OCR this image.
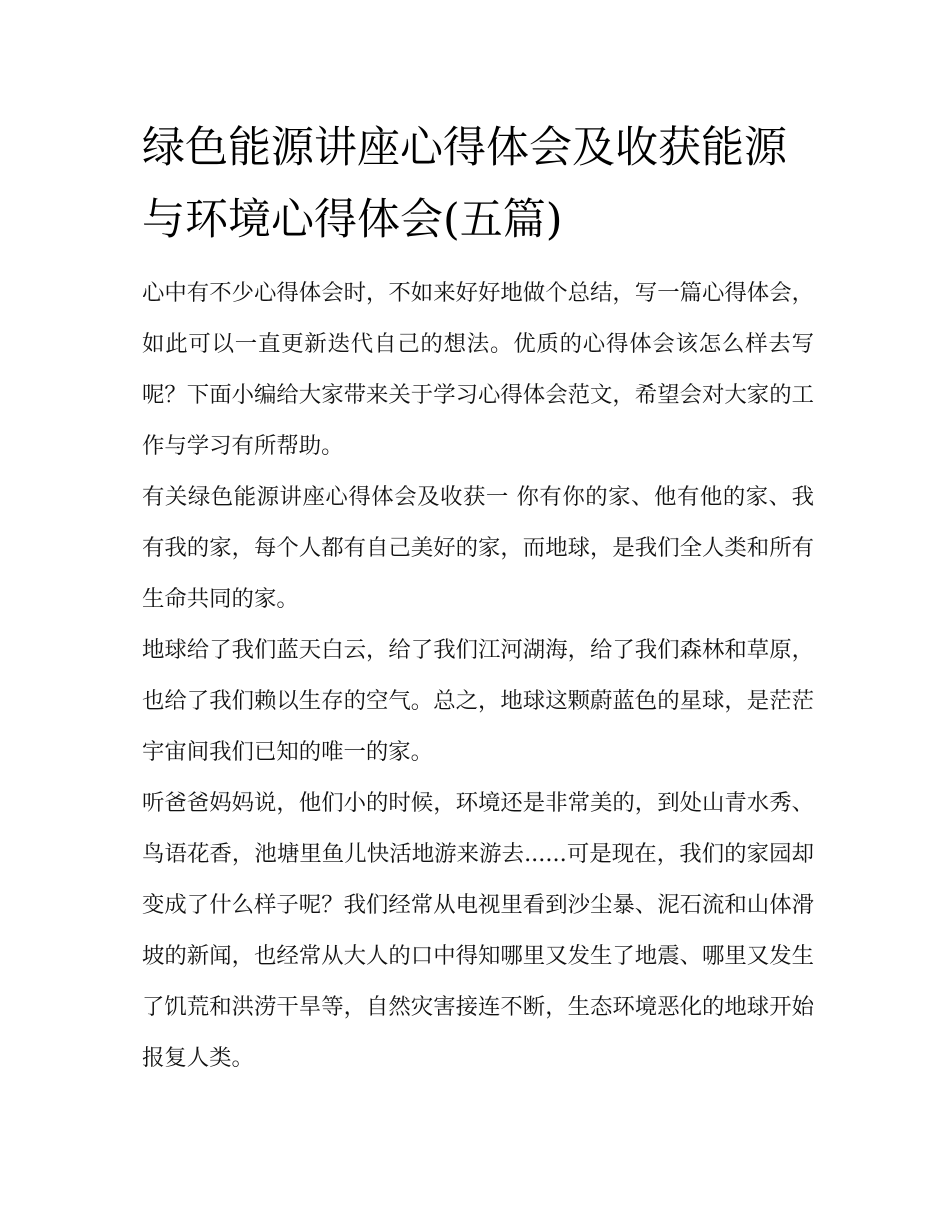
绿色能源讲座心得体会及收获能源与环境心得体会(五篇)

心中有不少心得体会时，不如来好好地做个总结，写一篇心得体会，如此可以一直更新迭代自己的想法。优质的心得体会该怎么样去写呢？下面小编给大家带来关于学习心得体会范文，希望会对大家的工作与学习有所帮助。

有关绿色能源讲座心得体会及收获一 你有你的家、他有他的家、我有我的家，每个人都有自己美好的家，而地球，是我们全人类和所有生命共同的家。

地球给了我们蓝天白云，给了我们江河湖海，给了我们森林和草原，也给了我们赖以生存的空气。总之，地球这颗蔚蓝色的星球，是茫茫宇宙间我们已知的唯一的家。

听爸爸妈妈说，他们小的时候，环境还是非常美的，到处山青水秀、鸟语花香，池塘里鱼儿快活地游来游去......可是现在，我们的家园却变成了什么样子呢？我们经常从电视里看到沙尘暴、泥石流和山体滑坡的新闻，也经常从大人的口中得知哪里又发生了地震、哪里又发生了饥荒和洪涝干旱等，自然灾害接连不断，生态环境恶化的地球开始报复人类。
